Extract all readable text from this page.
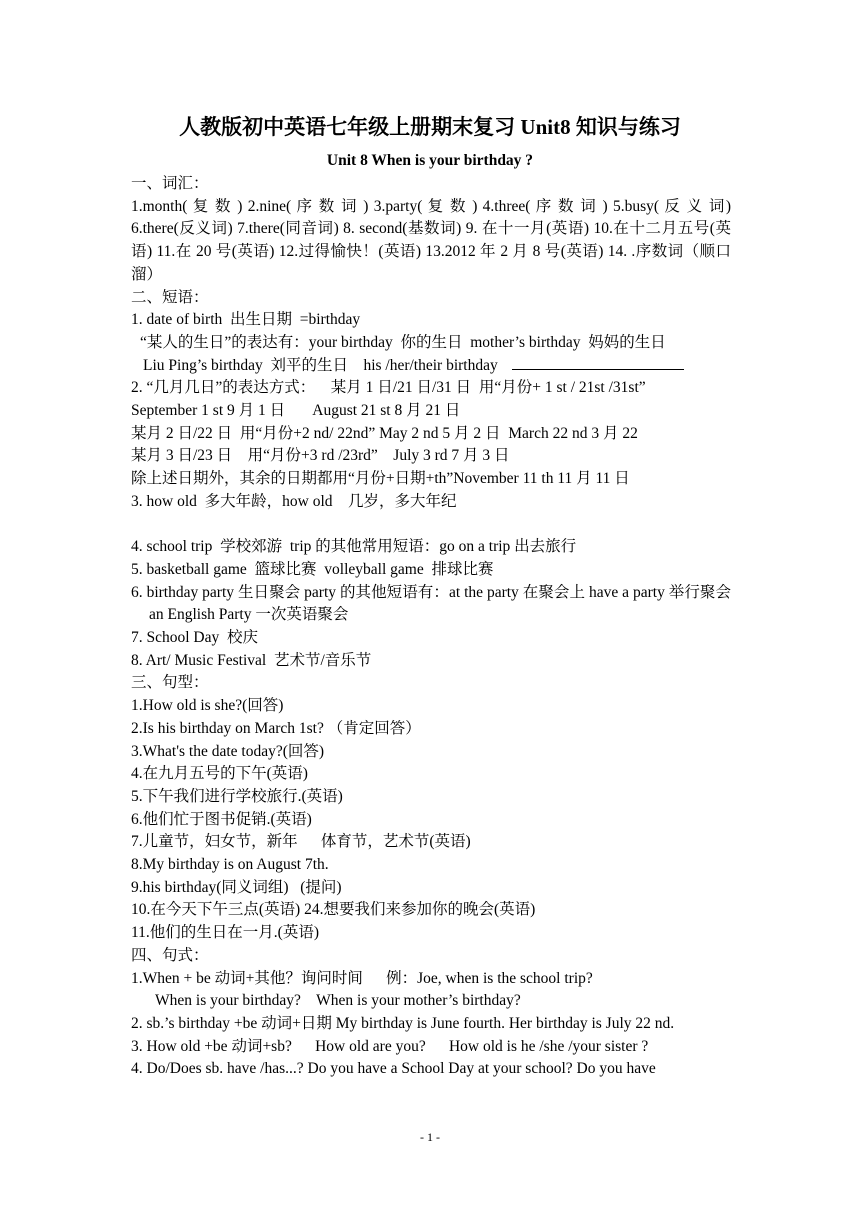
人教版初中英语七年级上册期末复习 Unit8 知识与练习
Unit 8 When is your birthday ?

一、词汇：

1.month( 复 数 ) 2.nine( 序 数 词 ) 3.party( 复 数 ) 4.three( 序 数 词 ) 5.busy( 反 义 词) 6.there(反义词) 7.there(同音词) 8. second(基数词) 9. 在十一月(英语) 10.在十二月五号(英语) 11.在 20 号(英语) 12.过得愉快！(英语) 13.2012 年 2 月 8 号(英语) 14. .序数词（顺口溜）

二、短语：

1. date of birth  出生日期  =birthday

“某人的生日”的表达有：your birthday  你的生日  mother’s birthday  妈妈的生日

Liu Ping’s birthday  刘平的生日    his /her/their birthday

2. “几月几日”的表达方式：    某月 1 日/21 日/31 日  用“月份+ 1 st / 21st /31st”

September 1 st 9 月 1 日       August 21 st 8 月 21 日

某月 2 日/22 日  用“月份+2 nd/ 22nd” May 2 nd 5 月 2 日  March 22 nd 3 月 22

某月 3 日/23 日    用“月份+3 rd /23rd”    July 3 rd 7 月 3 日

除上述日期外，其余的日期都用“月份+日期+th”November 11 th 11 月 11 日

3. how old  多大年龄，how old    几岁，多大年纪

4. school trip  学校郊游  trip 的其他常用短语：go on a trip 出去旅行

5. basketball game  篮球比赛  volleyball game  排球比赛

6. birthday party 生日聚会 party 的其他短语有：at the party 在聚会上 have a party 举行聚会 an English Party 一次英语聚会

7. School Day  校庆

8. Art/ Music Festival  艺术节/音乐节

三、句型：

1.How old is she?(回答)

2.Is his birthday on March 1st? （肯定回答）

3.What's the date today?(回答)

4.在九月五号的下午(英语)

5.下午我们进行学校旅行.(英语)

6.他们忙于图书促销.(英语)

7.儿童节，妇女节，新年      体育节，艺术节(英语)

8.My birthday is on August 7th.

9.his birthday(同义词组)   (提问)

10.在今天下午三点(英语) 24.想要我们来参加你的晚会(英语)

11.他们的生日在一月.(英语)

四、句式：

1.When + be 动词+其他？询问时间      例：Joe, when is the school trip?

When is your birthday?    When is your mother’s birthday?

2. sb.’s birthday +be 动词+日期 My birthday is June fourth. Her birthday is July 22 nd.

3. How old +be 动词+sb?      How old are you?      How old is he /she /your sister ?

4. Do/Does sb. have /has...? Do you have a School Day at your school? Do you have

- 1 -
